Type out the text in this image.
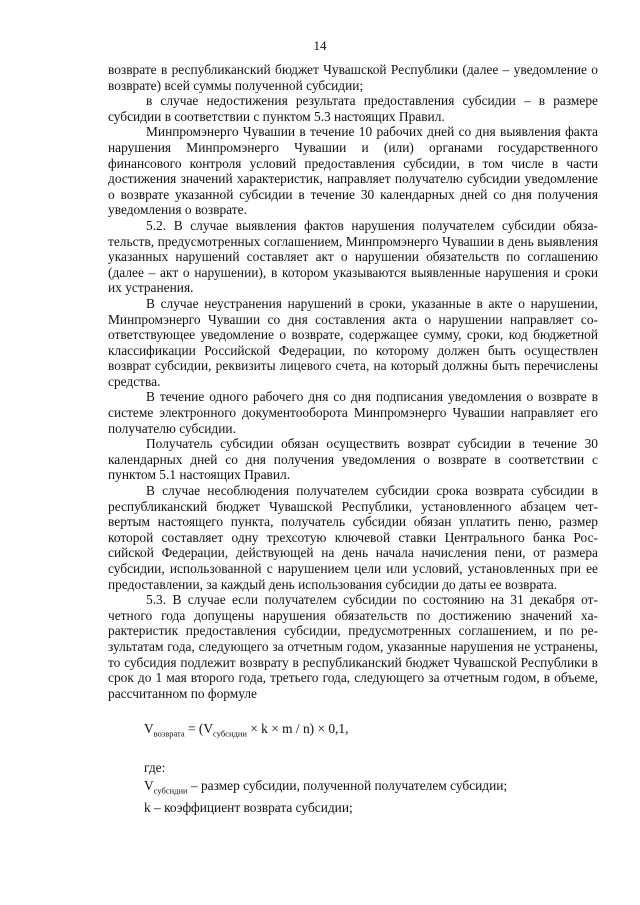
14

возврате в республиканский бюджет Чувашской Республики (далее – уведомление о возврате) всей суммы полученной субсидии;

в случае недостижения результата предоставления субсидии – в размере субсидии в соответствии с пунктом 5.3 настоящих Правил.

Минпромэнерго Чувашии в течение 10 рабочих дней со дня выявления факта нарушения Минпромэнерго Чувашии и (или) органами государственного финансового контроля условий предоставления субсидии, в том числе в части достижения значений характеристик, направляет получателю субсидии уведомление о возврате указанной субсидии в течение 30 календарных дней со дня получения уведомления о возврате.

5.2. В случае выявления фактов нарушения получателем субсидии обязательств, предусмотренных соглашением, Минпромэнерго Чувашии в день выявления указанных нарушений составляет акт о нарушении обязательств по соглашению (далее – акт о нарушении), в котором указываются выявленные нарушения и сроки их устранения.

В случае неустранения нарушений в сроки, указанные в акте о нарушении, Минпромэнерго Чувашии со дня составления акта о нарушении направляет соответствующее уведомление о возврате, содержащее сумму, сроки, код бюджетной классификации Российской Федерации, по которому должен быть осуществлен возврат субсидии, реквизиты лицевого счета, на который должны быть перечислены средства.

В течение одного рабочего дня со дня подписания уведомления о возврате в системе электронного документооборота Минпромэнерго Чувашии направляет его получателю субсидии.

Получатель субсидии обязан осуществить возврат субсидии в течение 30 календарных дней со дня получения уведомления о возврате в соответствии с пунктом 5.1 настоящих Правил.

В случае несоблюдения получателем субсидии срока возврата субсидии в республиканский бюджет Чувашской Республики, установленного абзацем четвертым настоящего пункта, получатель субсидии обязан уплатить пеню, размер которой составляет одну трехсотую ключевой ставки Центрального банка Российской Федерации, действующей на день начала начисления пени, от размера субсидии, использованной с нарушением цели или условий, установленных при ее предоставлении, за каждый день использования субсидии до даты ее возврата.

5.3. В случае если получателем субсидии по состоянию на 31 декабря отчетного года допущены нарушения обязательств по достижению значений характеристик предоставления субсидии, предусмотренных соглашением, и по результатам года, следующего за отчетным годом, указанные нарушения не устранены, то субсидия подлежит возврату в республиканский бюджет Чувашской Республики в срок до 1 мая второго года, третьего года, следующего за отчетным годом, в объеме, рассчитанном по формуле

$V_{возврата} = (V_{субсидии} \times k \times m / n) \times 0,1$,
где:
$V_{субсидии}$ – размер субсидии, полученной получателем субсидии;
k – коэффициент возврата субсидии;
